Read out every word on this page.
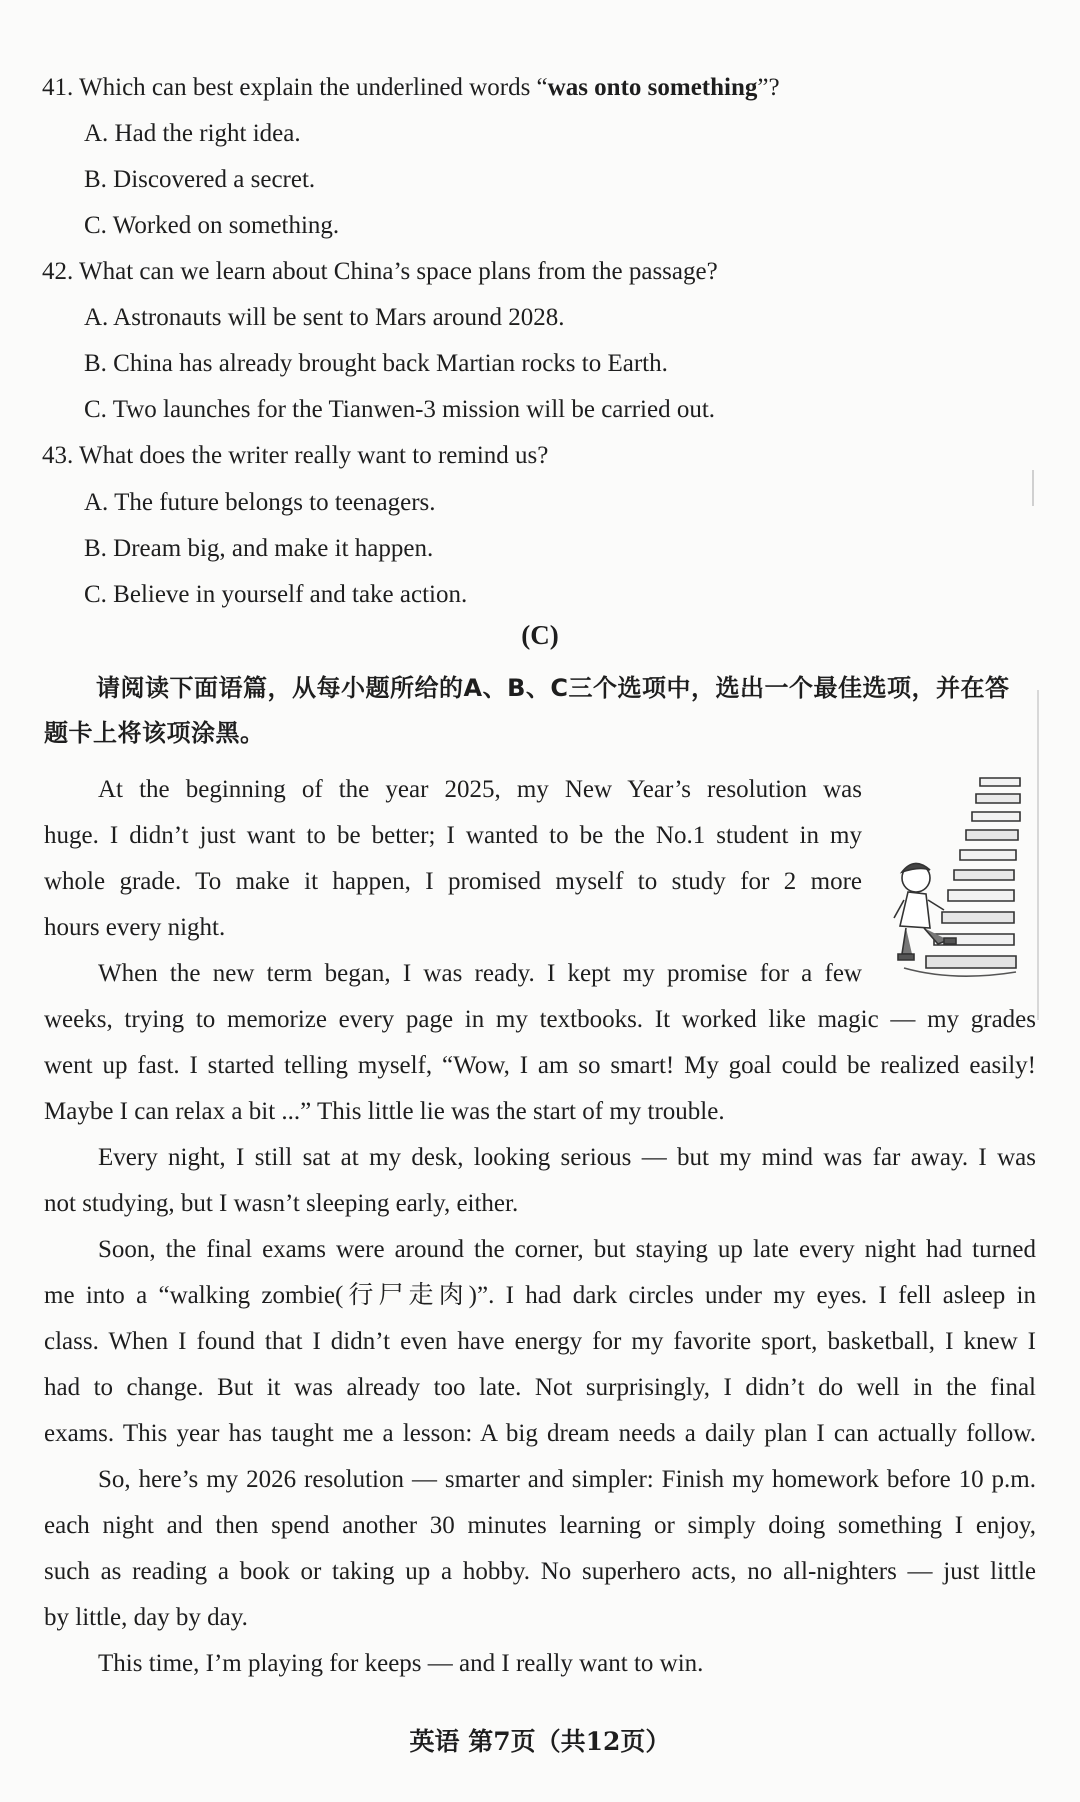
41. Which can best explain the underlined words “was onto something”?
A. Had the right idea.
B. Discovered a secret.
C. Worked on something.
42. What can we learn about China’s space plans from the passage?
A. Astronauts will be sent to Mars around 2028.
B. China has already brought back Martian rocks to Earth.
C. Two launches for the Tianwen-3 mission will be carried out.
43. What does the writer really want to remind us?
A. The future belongs to teenagers.
B. Dream big, and make it happen.
C. Believe in yourself and take action.
(C)
请阅读下面语篇，从每小题所给的A、B、C三个选项中，选出一个最佳选项，并在答
题卡上将该项涂黑。
At the beginning of the year 2025, my New Year’s resolution was
huge. I didn’t just want to be better; I wanted to be the No.1 student in my
whole grade. To make it happen, I promised myself to study for 2 more
hours every night.
When the new term began, I was ready. I kept my promise for a few
weeks, trying to memorize every page in my textbooks. It worked like magic — my grades
went up fast. I started telling myself, “Wow, I am so smart! My goal could be realized easily!
Maybe I can relax a bit ...” This little lie was the start of my trouble.
Every night, I still sat at my desk, looking serious — but my mind was far away. I was
not studying, but I wasn’t sleeping early, either.
Soon, the final exams were around the corner, but staying up late every night had turned
me into a “walking zombie(行尸走肉)”. I had dark circles under my eyes. I fell asleep in
class. When I found that I didn’t even have energy for my favorite sport, basketball, I knew I
had to change. But it was already too late. Not surprisingly, I didn’t do well in the final
exams. This year has taught me a lesson: A big dream needs a daily plan I can actually follow.
So, here’s my 2026 resolution — smarter and simpler: Finish my homework before 10 p.m.
each night and then spend another 30 minutes learning or simply doing something I enjoy,
such as reading a book or taking up a hobby. No superhero acts, no all-nighters — just little
by little, day by day.
This time, I’m playing for keeps — and I really want to win.
英语 第7页（共12页）
